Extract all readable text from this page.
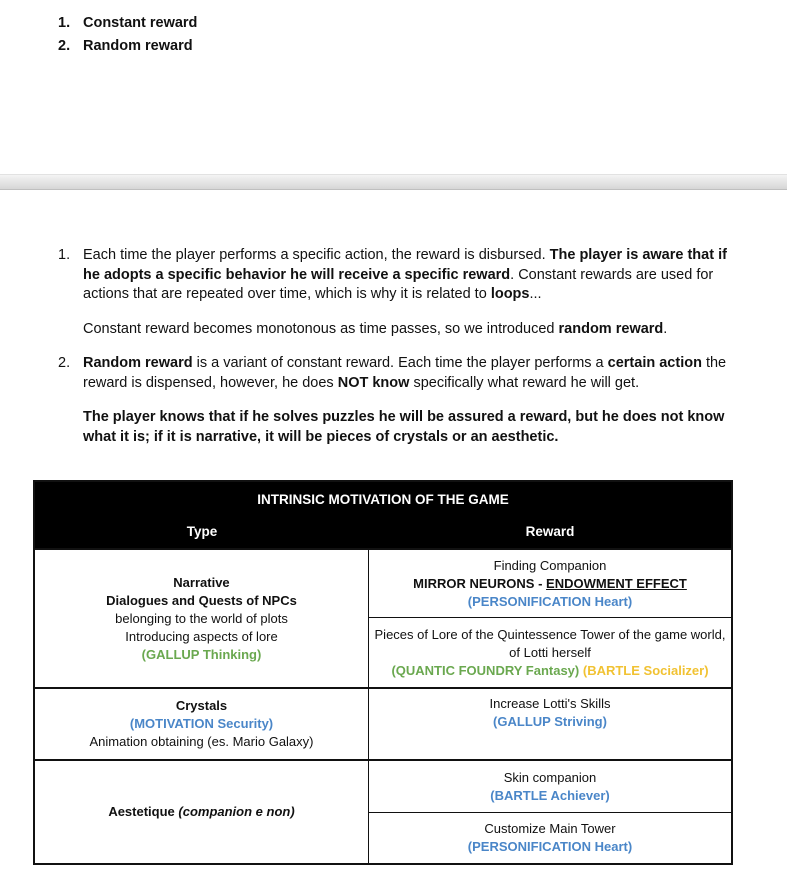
1. Constant reward
2. Random reward
1. Each time the player performs a specific action, the reward is disbursed. The player is aware that if he adopts a specific behavior he will receive a specific reward. Constant rewards are used for actions that are repeated over time, which is why it is related to loops...

Constant reward becomes monotonous as time passes, so we introduced random reward.

2. Random reward is a variant of constant reward. Each time the player performs a certain action the reward is dispensed, however, he does NOT know specifically what reward he will get.

The player knows that if he solves puzzles he will be assured a reward, but he does not know what it is; if it is narrative, it will be pieces of crystals or an aesthetic.

INTRINSIC MOTIVATION OF THE GAME
Type	Reward
Narrative
Dialogues and Quests of NPCs
belonging to the world of plots
Introducing aspects of lore
(GALLUP Thinking)
Finding Companion
MIRROR NEURONS - ENDOWMENT EFFECT
(PERSONIFICATION Heart)
Pieces of Lore of the Quintessence Tower of the game world, of Lotti herself
(QUANTIC FOUNDRY Fantasy) (BARTLE Socializer)
Crystals
(MOTIVATION Security)
Animation obtaining (es. Mario Galaxy)
Increase Lotti's Skills
(GALLUP Striving)
Aestetique (companion e non)
Skin companion
(BARTLE Achiever)
Customize Main Tower
(PERSONIFICATION Heart)
